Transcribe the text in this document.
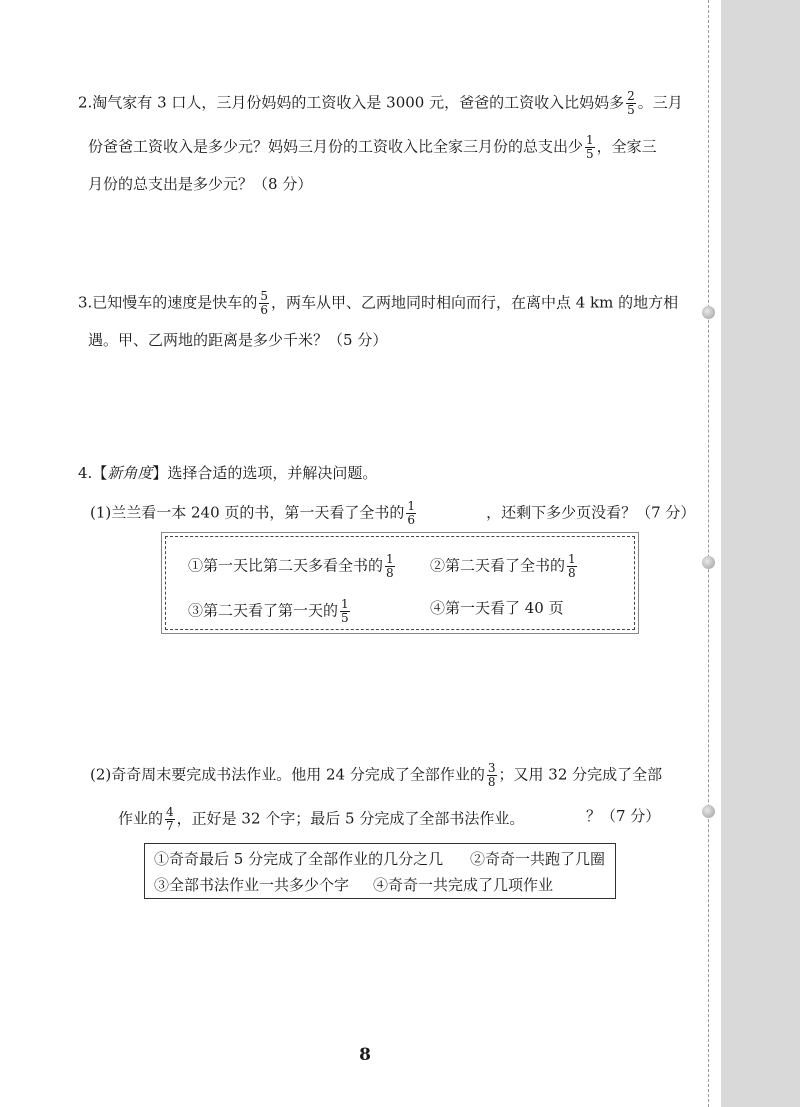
2.淘气家有 3 口人，三月份妈妈的工资收入是 3000 元，爸爸的工资收入比妈妈多 $\frac{2}{5}$ 。三月
份爸爸工资收入是多少元？妈妈三月份的工资收入比全家三月份的总支出少 $\frac{1}{5}$ ，全家三
月份的总支出是多少元？（8 分）
3.已知慢车的速度是快车的 $\frac{5}{6}$ ，两车从甲、乙两地同时相向而行，在离中点 4 km 的地方相
遇。甲、乙两地的距离是多少千米？（5 分）
4.【新角度】选择合适的选项，并解决问题。
(1)兰兰看一本 240 页的书，第一天看了全书的 $\frac{1}{6}$	，还剩下多少页没看？（7 分）
①第一天比第二天多看全书的 $\frac{1}{8}$ ②第二天看了全书的 $\frac{1}{8}$
③第二天看了第一天的 $\frac{1}{5}$	④第一天看了 40 页
(2)奇奇周末要完成书法作业。他用 24 分完成了全部作业的 $\frac{3}{8}$ ；又用 32 分完成了全部
作业的 $\frac{4}{7}$ ，正好是 32 个字；最后 5 分完成了全部书法作业。	？（7 分）
①奇奇最后 5 分完成了全部作业的几分之几 ②奇奇一共跑了几圈
③全部书法作业一共多少个字 ④奇奇一共完成了几项作业
8
